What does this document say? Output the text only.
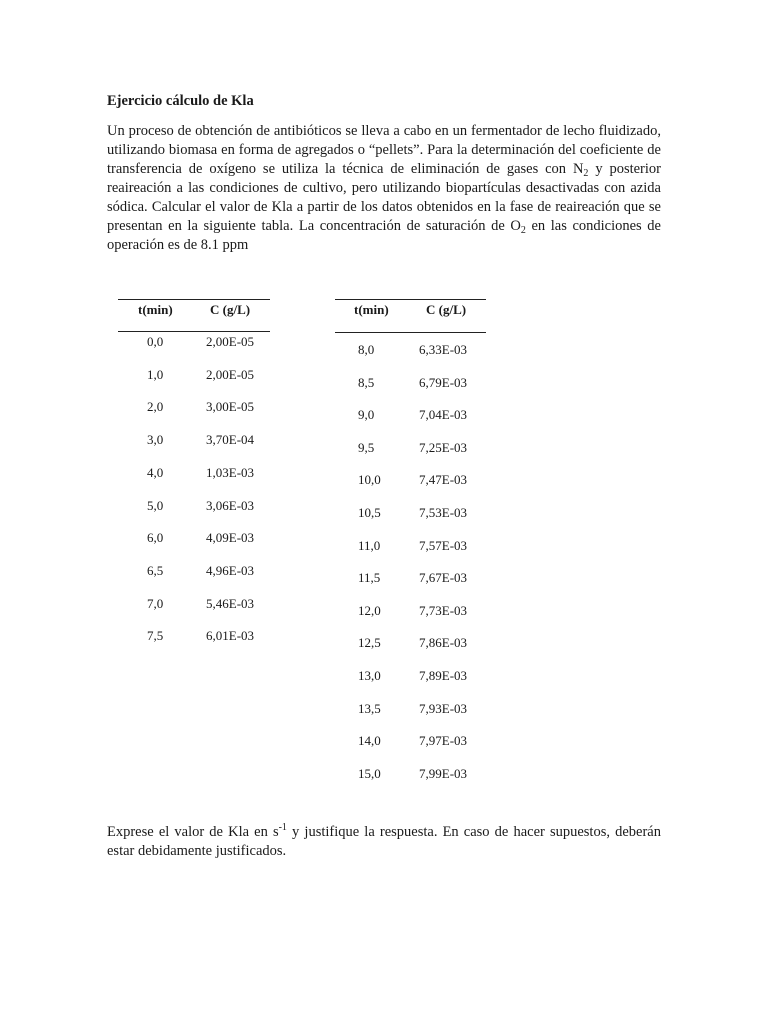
Ejercicio cálculo de Kla
Un proceso de obtención de antibióticos se lleva a cabo en un fermentador de lecho fluidizado, utilizando biomasa en forma de agregados o “pellets”. Para la determinación del coeficiente de transferencia de oxígeno se utiliza la técnica de eliminación de gases con $N_2$ y posterior reaireación a las condiciones de cultivo, pero utilizando biopartículas desactivadas con azida sódica. Calcular el valor de Kla a partir de los datos obtenidos en la fase de reaireación que se presentan en la siguiente tabla. La concentración de saturación de $O_2$ en las condiciones de operación es de 8.1 ppm
t(min)	C (g/L)
0,0	2,00E-05
1,0	2,00E-05
2,0	3,00E-05
3,0	3,70E-04
4,0	1,03E-03
5,0	3,06E-03
6,0	4,09E-03
6,5	4,96E-03
7,0	5,46E-03
7,5	6,01E-03
t(min)	C (g/L)
8,0	6,33E-03
8,5	6,79E-03
9,0	7,04E-03
9,5	7,25E-03
10,0	7,47E-03
10,5	7,53E-03
11,0	7,57E-03
11,5	7,67E-03
12,0	7,73E-03
12,5	7,86E-03
13,0	7,89E-03
13,5	7,93E-03
14,0	7,97E-03
15,0	7,99E-03
Exprese el valor de Kla en $s^{-1}$ y justifique la respuesta. En caso de hacer supuestos, deberán estar debidamente justificados.
